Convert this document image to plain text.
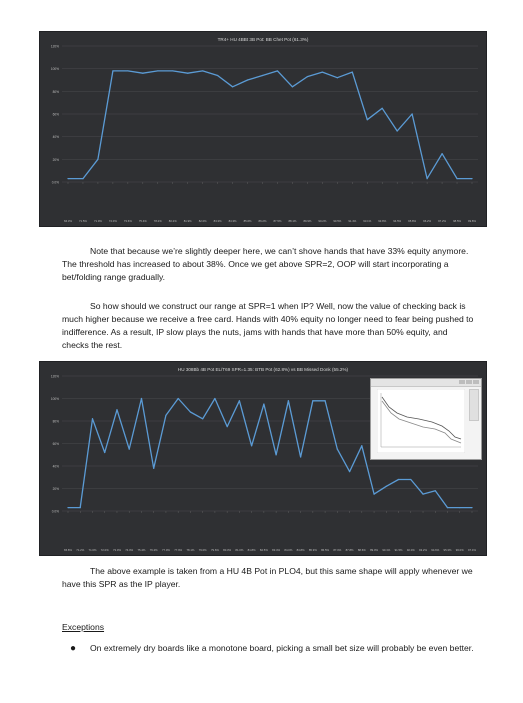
TR4+ HU 4BBt 3B Pot: BB Chet Pot (61.3%)
120%
100%
80%
60%
40%
20%
0.0%
66.3%	71.5%	71.9%	72.0%	73.6%	75.4%	78.2%	80.2%	81.9%	82.0%	83.3%	84.3%	85.6%	86.2%	87.5%	88.1%	89.9%	90.2%	90.5%	91.4%	93.1%	93.8%	94.5%	95.8%	96.2%	97.2%	98.5%	99.8%

Note that because we’re slightly deeper here, we can’t shove hands that have 33% equity anymore. The threshold has increased to about 38%. Once we get above SPR=2, OOP will start incorporating a bet/folding range gradually.

So how should we construct our range at SPR=1 when IP? Well, now the value of checking back is much higher because we receive a free card. Hands with 40% equity no longer need to fear being pushed to indifference. As a result, IP slow plays the nuts, jams with hands that have more than 50% equity, and checks the rest.

HU 308Bb 4B Pot EL/T69 SPR=1.35: BTB Pot (62.8%) vs BB Missed Donk (55.2%)
120%
100%
80%
60%
40%
20%
0.0%
65.8% 71.2% 71.6% 72.0% 73.0% 74.0% 75.4% 76.2% 77.0% 77.9% 78.1% 79.0% 79.6% 80.3% 81.0% 81.8% 82.5% 83.4% 84.0% 84.8% 85.9% 86.5% 87.0% 87.8% 88.6% 89.0% 90.1% 91.5% 92.0% 93.2% 94.6% 95.3% 96.0% 97.4%

The above example is taken from a HU 4B Pot in PLO4, but this same shape will apply whenever we have this SPR as the IP player.

Exceptions
● On extremely dry boards like a monotone board, picking a small bet size will probably be even better.
